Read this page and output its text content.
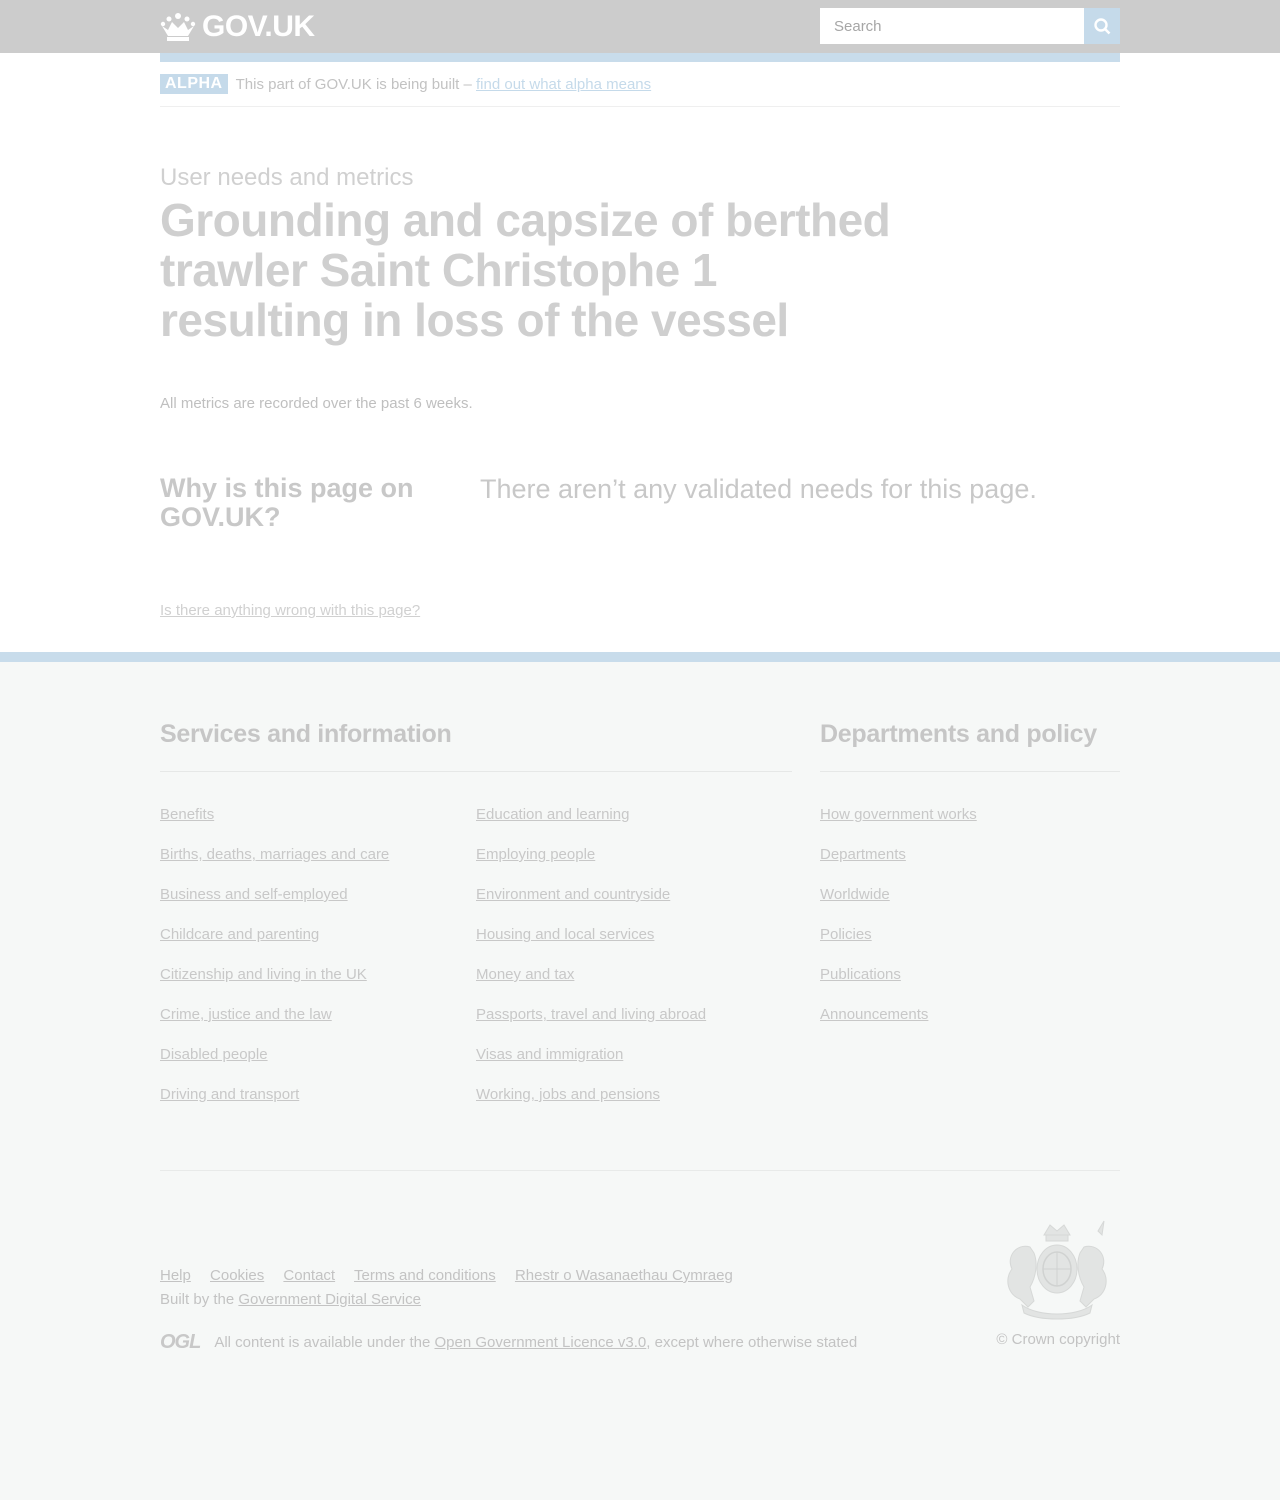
GOV.UK
Search
ALPHA This part of GOV.UK is being built – find out what alpha means
User needs and metrics
Grounding and capsize of berthed trawler Saint Christophe 1 resulting in loss of the vessel

All metrics are recorded over the past 6 weeks.

Why is this page on GOV.UK?

There aren’t any validated needs for this page.

Is there anything wrong with this page?
Services and information
Benefits
Births, deaths, marriages and care
Business and self-employed
Childcare and parenting
Citizenship and living in the UK
Crime, justice and the law
Disabled people
Driving and transport
Education and learning
Employing people
Environment and countryside
Housing and local services
Money and tax
Passports, travel and living abroad
Visas and immigration
Working, jobs and pensions
Departments and policy
How government works
Departments
Worldwide
Policies
Publications
Announcements
Help Cookies Contact Terms and conditions Rhestr o Wasanaethau Cymraeg
Built by the Government Digital Service
OGL All content is available under the Open Government Licence v3.0, except where otherwise stated	© Crown copyright
